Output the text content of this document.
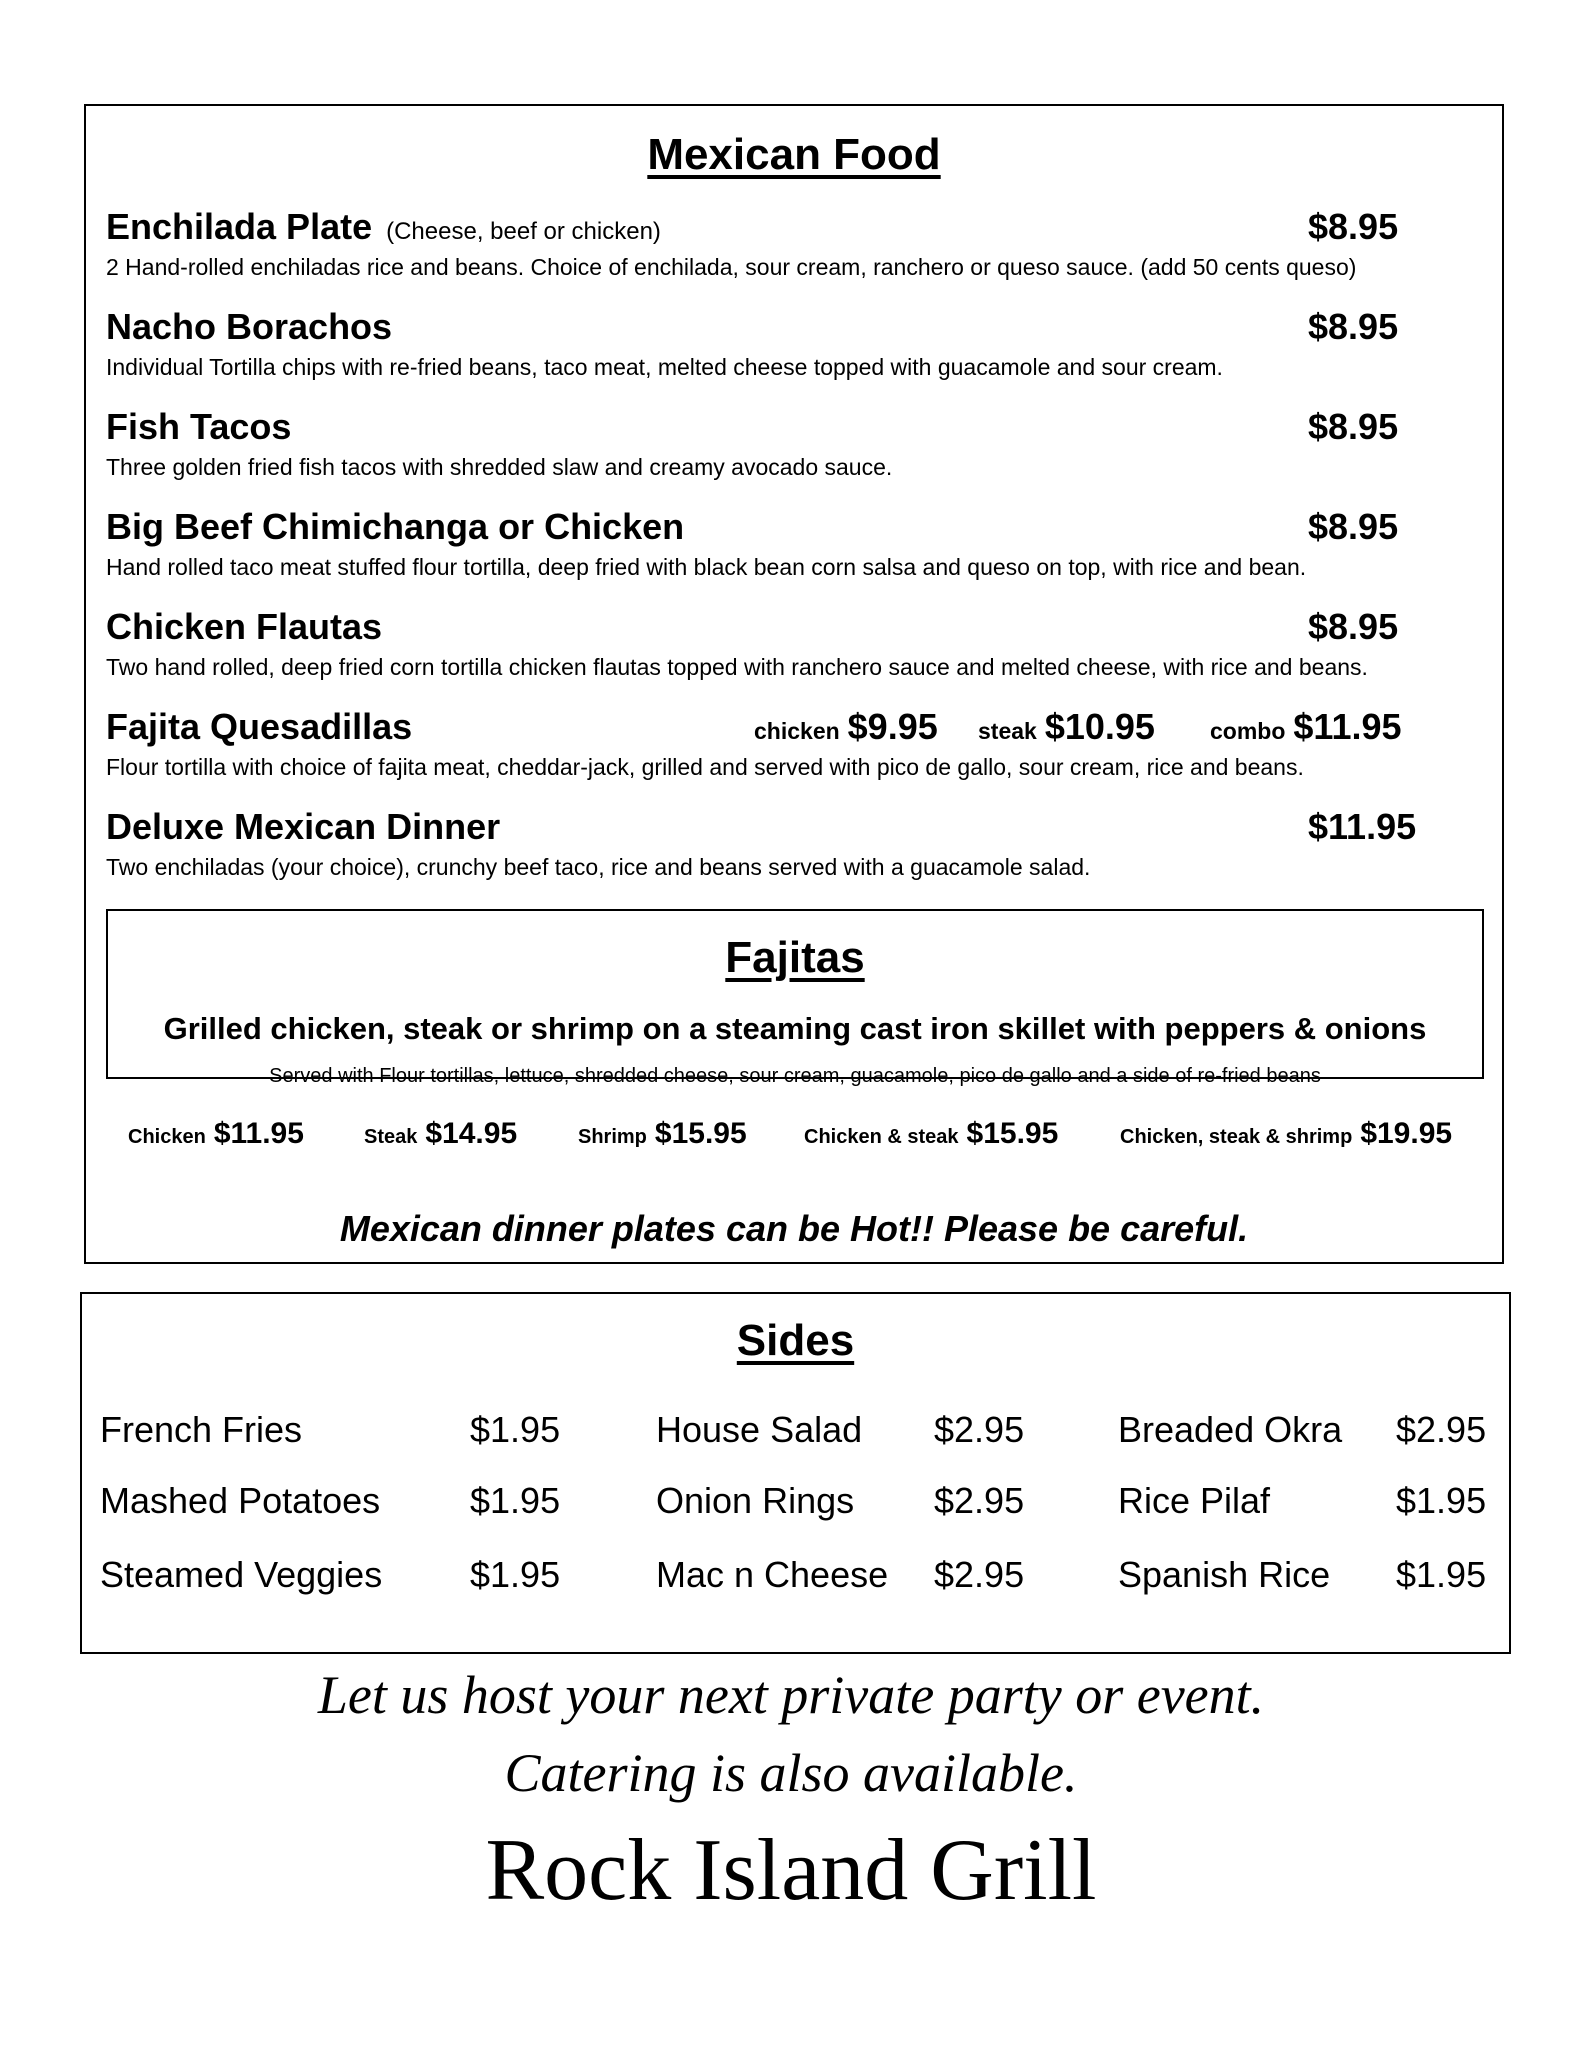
Mexican Food
Enchilada Plate (Cheese, beef or chicken)	$8.95
2 Hand-rolled enchiladas rice and beans. Choice of enchilada, sour cream, ranchero or queso sauce. (add 50 cents queso)
Nacho Borachos	$8.95
Individual Tortilla chips with re-fried beans, taco meat, melted cheese topped with guacamole and sour cream.
Fish Tacos	$8.95
Three golden fried fish tacos with shredded slaw and creamy avocado sauce.
Big Beef Chimichanga or Chicken	$8.95
Hand rolled taco meat stuffed flour tortilla, deep fried with black bean corn salsa and queso on top, with rice and bean.
Chicken Flautas	$8.95
Two hand rolled, deep fried corn tortilla chicken flautas topped with ranchero sauce and melted cheese, with rice and beans.
Fajita Quesadillas	chicken $9.95 steak $10.95 combo $11.95
Flour tortilla with choice of fajita meat, cheddar-jack, grilled and served with pico de gallo, sour cream, rice and beans.
Deluxe Mexican Dinner	$11.95
Two enchiladas (your choice), crunchy beef taco, rice and beans served with a guacamole salad.
Fajitas
Grilled chicken, steak or shrimp on a steaming cast iron skillet with peppers & onions
Served with Flour tortillas, lettuce, shredded cheese, sour cream, guacamole, pico de gallo and a side of re-fried beans
Chicken $11.95	Steak $14.95	Shrimp $15.95	Chicken & steak $15.95	Chicken, steak & shrimp $19.95
Mexican dinner plates can be Hot!! Please be careful.
Sides
French Fries	$1.95	House Salad $2.95	Breaded Okra $2.95
Mashed Potatoes $1.95	Onion Rings $2.95	Rice Pilaf	$1.95
Steamed Veggies $1.95	Mac n Cheese $2.95	Spanish Rice $1.95
Let us host your next private party or event.
Catering is also available.
Rock Island Grill
